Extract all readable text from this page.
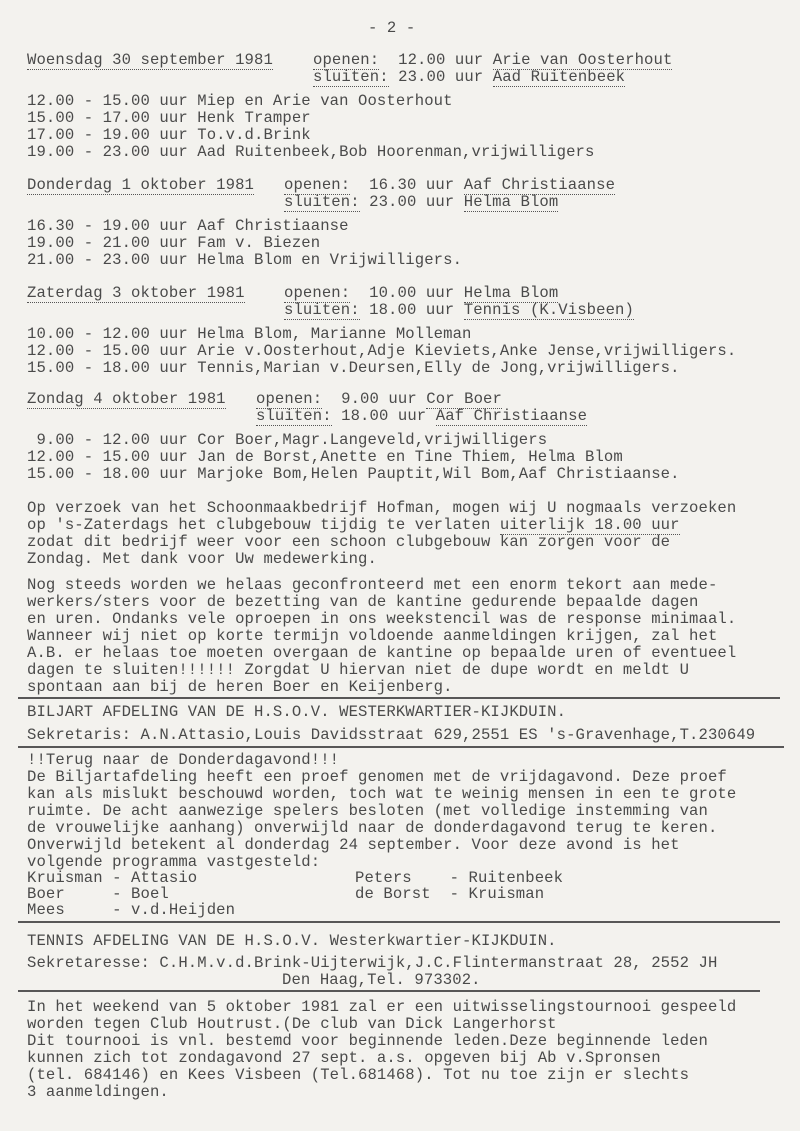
- 2 -
Woensdag 30 september 1981	openen: 12.00 uur Arie van Oosterhout
sluiten: 23.00 uur Aad Ruitenbeek
12.00 - 15.00 uur Miep en Arie van Oosterhout
15.00 - 17.00 uur Henk Tramper
17.00 - 19.00 uur To.v.d.Brink
19.00 - 23.00 uur Aad Ruitenbeek,Bob Hoorenman,vrijwilligers
Donderdag 1 oktober 1981 openen: 16.30 uur Aaf Christiaanse
sluiten: 23.00 uur Helma Blom
16.30 - 19.00 uur Aaf Christiaanse
19.00 - 21.00 uur Fam v. Biezen
21.00 - 23.00 uur Helma Blom en Vrijwilligers.
Zaterdag 3 oktober 1981	openen: 10.00 uur Helma Blom
sluiten: 18.00 uur Tennis (K.Visbeen)
10.00 - 12.00 uur Helma Blom, Marianne Molleman
12.00 - 15.00 uur Arie v.Oosterhout,Adje Kieviets,Anke Jense,vrijwilligers.
15.00 - 18.00 uur Tennis,Marian v.Deursen,Elly de Jong,vrijwilligers.
Zondag 4 oktober 1981 openen: 9.00 uur Cor Boer
sluiten: 18.00 uur Aaf Christiaanse
9.00 - 12.00 uur Cor Boer,Magr.Langeveld,vrijwilligers
12.00 - 15.00 uur Jan de Borst,Anette en Tine Thiem, Helma Blom
15.00 - 18.00 uur Marjoke Bom,Helen Pauptit,Wil Bom,Aaf Christiaanse.
Op verzoek van het Schoonmaakbedrijf Hofman, mogen wij U nogmaals verzoeken
op 's-Zaterdags het clubgebouw tijdig te verlaten uiterlijk 18.00 uur
zodat dit bedrijf weer voor een schoon clubgebouw kan zorgen voor de
Zondag. Met dank voor Uw medewerking.
Nog steeds worden we helaas geconfronteerd met een enorm tekort aan mede-
werkers/sters voor de bezetting van de kantine gedurende bepaalde dagen
en uren. Ondanks vele oproepen in ons weekstencil was de response minimaal.
Wanneer wij niet op korte termijn voldoende aanmeldingen krijgen, zal het
A.B. er helaas toe moeten overgaan de kantine op bepaalde uren of eventueel
dagen te sluiten!!!!!! Zorgdat U hiervan niet de dupe wordt en meldt U
spontaan aan bij de heren Boer en Keijenberg.
BILJART AFDELING VAN DE H.S.O.V. WESTERKWARTIER-KIJKDUIN.
Sekretaris: A.N.Attasio,Louis Davidsstraat 629,2551 ES 's-Gravenhage,T.230649
!!Terug naar de Donderdagavond!!!
De Biljartafdeling heeft een proef genomen met de vrijdagavond. Deze proef
kan als mislukt beschouwd worden, toch wat te weinig mensen in een te grote
ruimte. De acht aanwezige spelers besloten (met volledige instemming van
de vrouwelijke aanhang) onverwijld naar de donderdagavond terug te keren.
Onverwijld betekent al donderdag 24 september. Voor deze avond is het
volgende programma vastgesteld:
Kruisman - Attasio
Boer     - Boel
Mees     - v.d.Heijden
Peters    - Ruitenbeek
de Borst  - Kruisman
TENNIS AFDELING VAN DE H.S.O.V. Westerkwartier-KIJKDUIN.
Sekretaresse: C.H.M.v.d.Brink-Uijterwijk,J.C.Flintermanstraat 28, 2552 JH
Den Haag,Tel. 973302.
In het weekend van 5 oktober 1981 zal er een uitwisselingstournooi gespeeld
worden tegen Club Houtrust.(De club van Dick Langerhorst
Dit tournooi is vnl. bestemd voor beginnende leden.Deze beginnende leden
kunnen zich tot zondagavond 27 sept. a.s. opgeven bij Ab v.Spronsen
(tel. 684146) en Kees Visbeen (Tel.681468). Tot nu toe zijn er slechts
3 aanmeldingen.
